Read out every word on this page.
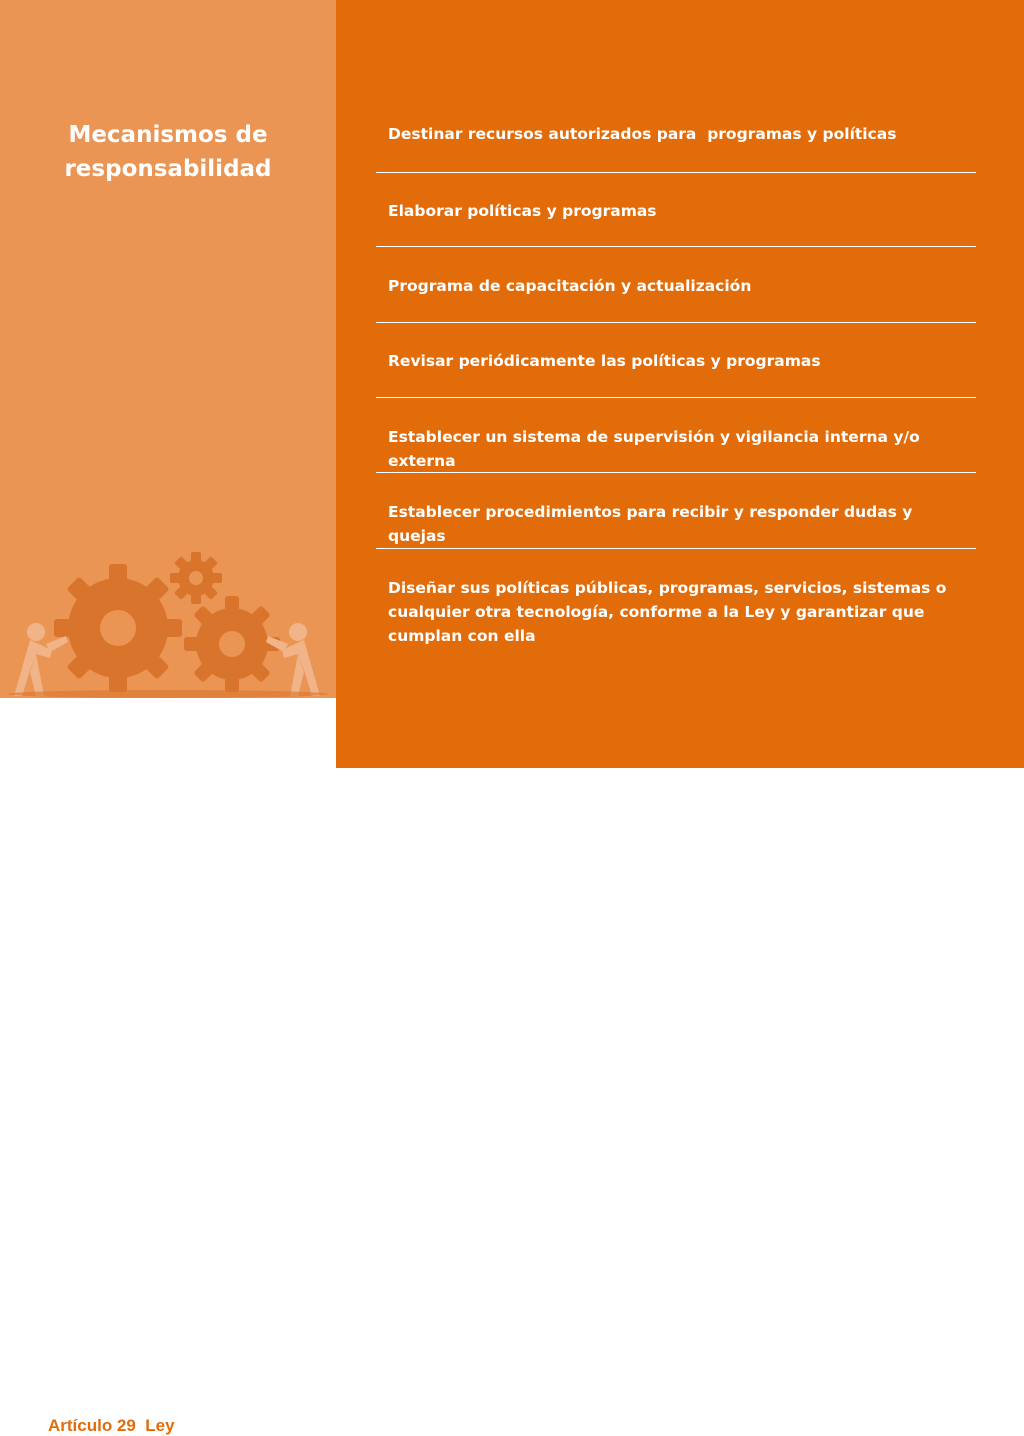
Mecanismos de
responsabilidad
Artículo 29  Ley
Destinar recursos autorizados para  programas y políticas
Elaborar políticas y programas
Programa de capacitación y actualización
Revisar periódicamente las políticas y programas
Establecer un sistema de supervisión y vigilancia interna y/o externa
Establecer procedimientos para recibir y responder dudas y quejas
Diseñar sus políticas públicas, programas, servicios, sistemas o
cualquier otra tecnología, conforme a la Ley y garantizar que
cumplan con ella
